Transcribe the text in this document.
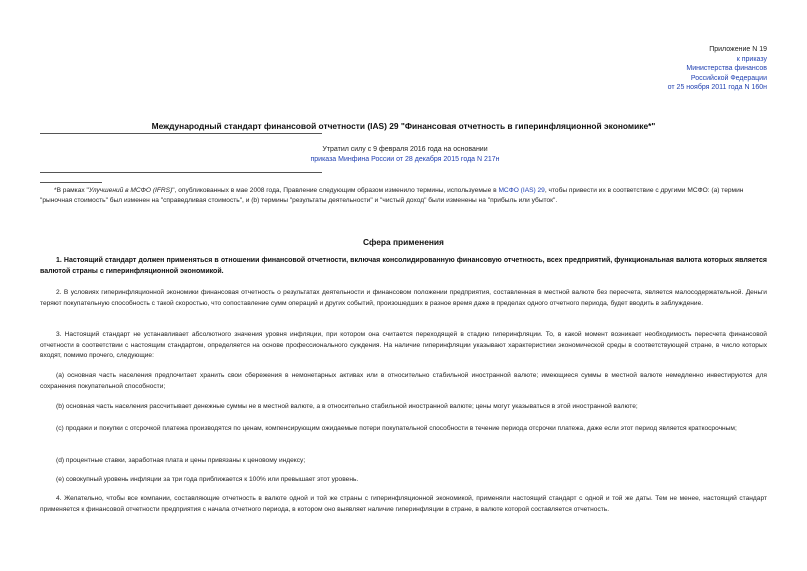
Приложение N 19
к приказу
Министерства финансов
Российской Федерации
от 25 ноября 2011 года N 160н
Международный стандарт финансовой отчетности (IAS) 29 "Финансовая отчетность в гиперинфляционной экономике*"
Утратил силу с 9 февраля 2016 года на основании
приказа Минфина России от 28 декабря 2015 года N 217н
*В рамках "Улучшений в МСФО (IFRS)", опубликованных в мае 2008 года, Правление следующим образом изменило термины, используемые в МСФО (IAS) 29, чтобы привести их в соответствие с другими МСФО: (а) термин "рыночная стоимость" был изменен на "справедливая стоимость", и (b) термины "результаты деятельности" и "чистый доход" были изменены на "прибыль или убыток".
Сфера применения
1. Настоящий стандарт должен применяться в отношении финансовой отчетности, включая консолидированную финансовую отчетность, всех предприятий, функциональная валюта которых является валютой страны с гиперинфляционной экономикой.
2. В условиях гиперинфляционной экономики финансовая отчетность о результатах деятельности и финансовом положении предприятия, составленная в местной валюте без пересчета, является малосодержательной. Деньги теряют покупательную способность с такой скоростью, что сопоставление сумм операций и других событий, произошедших в разное время даже в пределах одного отчетного периода, будет вводить в заблуждение.
3. Настоящий стандарт не устанавливает абсолютного значения уровня инфляции, при котором она считается переходящей в стадию гиперинфляции. То, в какой момент возникает необходимость пересчета финансовой отчетности в соответствии с настоящим стандартом, определяется на основе профессионального суждения. На наличие гиперинфляции указывают характеристики экономической среды в соответствующей стране, в число которых входят, помимо прочего, следующие:
(a) основная часть населения предпочитает хранить свои сбережения в немонетарных активах или в относительно стабильной иностранной валюте; имеющиеся суммы в местной валюте немедленно инвестируются для сохранения покупательной способности;
(b) основная часть населения рассчитывает денежные суммы не в местной валюте, а в относительно стабильной иностранной валюте; цены могут указываться в этой иностранной валюте;
(c) продажи и покупки с отсрочкой платежа производятся по ценам, компенсирующим ожидаемые потери покупательной способности в течение периода отсрочки платежа, даже если этот период является краткосрочным;
(d) процентные ставки, заработная плата и цены привязаны к ценовому индексу;
(e) совокупный уровень инфляции за три года приближается к 100% или превышает этот уровень.
4. Желательно, чтобы все компании, составляющие отчетность в валюте одной и той же страны с гиперинфляционной экономикой, применяли настоящий стандарт с одной и той же даты. Тем не менее, настоящий стандарт применяется к финансовой отчетности предприятия с начала отчетного периода, в котором оно выявляет наличие гиперинфляции в стране, в валюте которой составляется отчетность.
